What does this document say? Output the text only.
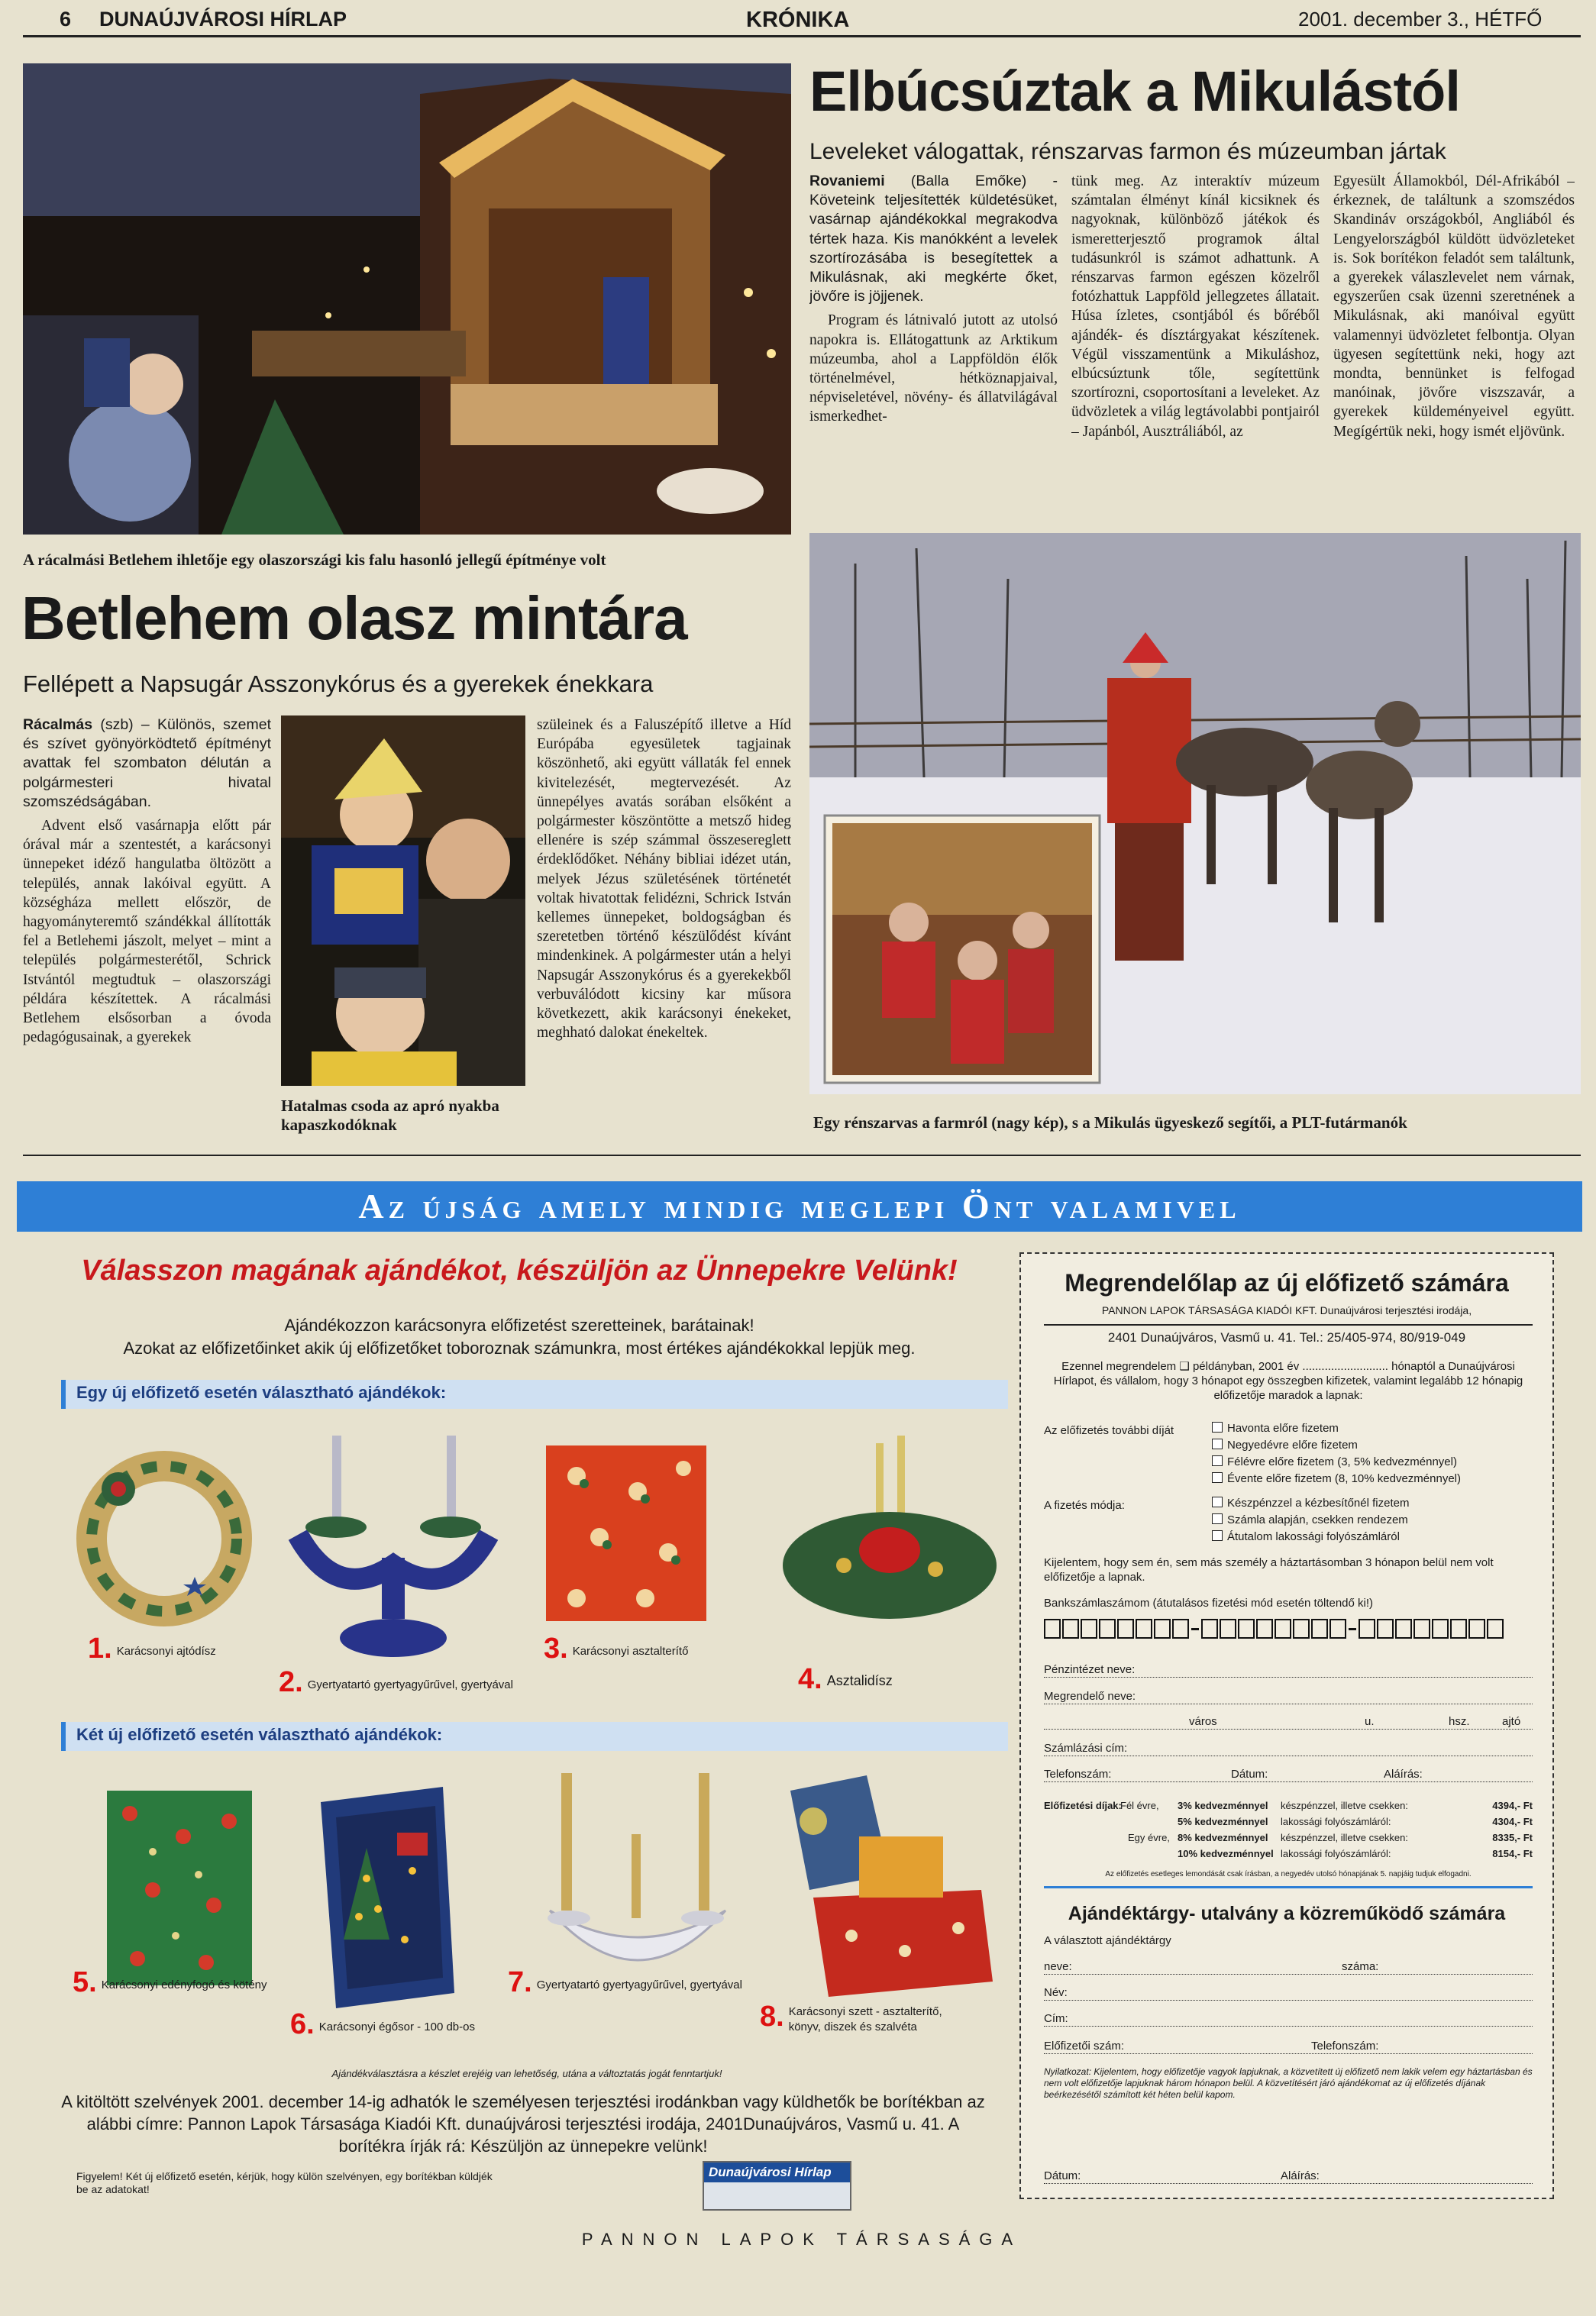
6 DUNAÚJVÁROSI HÍRLAP	KRÓNIKA	2001. december 3., HÉTFŐ
A rácalmási Betlehem ihletője egy olaszországi kis falu hasonló jellegű építménye volt
Betlehem olasz mintára
Fellépett a Napsugár Asszonykórus és a gyerekek énekkara

Rácalmás (szb) – Különös, szemet és szívet gyönyörködtető építményt avattak fel szombaton délután a polgármesteri hivatal szomszédságában.

Advent első vasárnapja előtt pár órával már a szentestét, a karácsonyi ünnepeket idéző hangulatba öltözött a település, annak lakóival együtt. A községháza mellett először, de hagyományteremtő szándékkal állították fel a Betlehemi jászolt, melyet – mint a település polgármesterétől, Schrick Istvántól megtudtuk – olaszországi példára készítettek. A rácalmási Betlehem elsősorban a óvoda pedagógusainak, a gyerekek

Hatalmas csoda az apró nyakba kapaszkodóknak

szüleinek és a Faluszépítő illetve a Híd Európába egyesületek tagjainak köszönhető, aki együtt vállaták fel ennek kivitelezését, megtervezését. Az ünnepélyes avatás sorában elsőként a polgármester köszöntötte a metsző hideg ellenére is szép számmal összesereglett érdeklődőket. Néhány bibliai idézet után, melyek Jézus születésének történetét voltak hivatottak felidézni, Schrick István kellemes ünnepeket, boldogságban és szeretetben történő készülődést kívánt mindenkinek. A polgármester után a helyi Napsugár Asszonykórus és a gyerekekből verbuválódott kicsiny kar műsora következett, akik karácsonyi énekeket, meghható dalokat énekeltek.

Elbúcsúztak a Mikulástól
Leveleket válogattak, rénszarvas farmon és múzeumban jártak

Rovaniemi (Balla Emőke) - Követeink teljesítették küldetésüket, vasárnap ajándékokkal megrakodva tértek haza. Kis manókként a levelek szortírozásába is besegítettek a Mikulásnak, aki megkérte őket, jövőre is jöjjenek.

Program és látnivaló jutott az utolsó napokra is. Ellátogattunk az Arktikum múzeumba, ahol a Lappföldön élők történelmével, hétköznapjaival, népviseletével, növény- és állatvilágával ismerkedhet-

tünk meg. Az interaktív múzeum számtalan élményt kínál kicsiknek és nagyoknak, különböző játékok és ismeretterjesztő programok által tudásunkról is számot adhattunk. A rénszarvas farmon egészen közelről fotózhattuk Lappföld jellegzetes állatait. Húsa ízletes, csontjából és bőréből ajándék- és dísztárgyakat készítenek. Végül visszamentünk a Mikuláshoz, elbúcsúztunk tőle, segítettünk szortírozni, csoportosítani a leveleket. Az üdvözletek a világ legtávolabbi pontjairól – Japánból, Ausztráliából, az

Egyesült Államokból, Dél-Afrikából – érkeznek, de találtunk a szomszédos Skandináv országokból, Angliából és Lengyelországból küldött üdvözleteket is. Sok borítékon feladót sem találtunk, a gyerekek válaszlevelet nem várnak, egyszerűen csak üzenni szeretnének a Mikulásnak, aki manóival együtt valamennyi üdvözletet felbontja. Olyan ügyesen segítettünk neki, hogy azt mondta, bennünket is felfogad manóinak, jövőre viszszavár, a gyerekek küldeményeivel együtt. Megígértük neki, hogy ismét eljövünk.

Egy rénszarvas a farmról (nagy kép), s a Mikulás ügyeskező segítői, a PLT-futármanók
Az újság amely mindig meglepi Önt valamivel
Válasszon magának ajándékot, készüljön az Ünnepekre Velünk!
Ajándékozzon karácsonyra előfizetést szeretteinek, barátainak!
Azokat az előfizetőinket akik új előfizetőket toboroznak számunkra, most értékes ajándékokkal lepjük meg.
Egy új előfizető esetén választható ajándékok:
1. Karácsonyi ajtódísz
2. Gyertyatartó gyertyagyűrűvel, gyertyával
3. Karácsonyi asztalterítő
4. Asztalidísz
Két új előfizető esetén választható ajándékok:
5. Karácsonyi edényfogó és kötény
6. Karácsonyi égősor - 100 db-os
7. Gyertyatartó gyertyagyűrűvel, gyertyával
8. Karácsonyi szett - asztalterítő, könyv, diszek és szalvéta
Ajándékválasztásra a készlet erejéig van lehetőség, utána a változtatás jogát fenntartjuk!
A kitöltött szelvények 2001. december 14-ig adhatók le személyesen terjesztési irodánkban vagy küldhetők be borítékban az alábbi címre: Pannon Lapok Társasága Kiadói Kft. dunaújvárosi terjesztési irodája, 2401Dunaújváros, Vasmű u. 41. A borítékra írják rá: Készüljön az ünnepekre velünk!
Figyelem! Két új előfizető esetén, kérjük, hogy külön szelvényen, egy borítékban küldjék be az adatokat!
Dunaújvárosi Hírlap
PANNON LAPOK TÁRSASÁGA
Megrendelőlap az új előfizető számára
PANNON LAPOK TÁRSASÁGA KIADÓI KFT. Dunaújvárosi terjesztési irodája,
2401 Dunaújváros, Vasmű u. 41. Tel.: 25/405-974, 80/919-049
Ezennel megrendelem ❑ példányban, 2001 év ........................... hónaptól a Dunaújvárosi Hírlapot, és vállalom, hogy 3 hónapot egy összegben kifizetek, valamint legalább 12 hónapig előfizetője maradok a lapnak:
Az előfizetés további díját	Havonta előre fizetem
Negyedévre előre fizetem
Félévre előre fizetem (3, 5% kedvezménnyel)
Évente előre fizetem (8, 10% kedvezménnyel)
A fizetés módja:	Készpénzzel a kézbesítőnél fizetem
Számla alapján, csekken rendezem
Átutalom lakossági folyószámláról
Kijelentem, hogy sem én, sem más személy a háztartásomban 3 hónapon belül nem volt előfizetője a lapnak.
Bankszámlaszámom (átutalásos fizetési mód esetén töltendő ki!)
Pénzintézet neve:
Megrendelő neve:
város	u.	hsz.	ajtó
Számlázási cím:
Telefonszám:	Dátum:	Aláírás:
Előfizetési díjak:
Fél évre, 3% kedvezménnyel készpénzzel, illetve csekken:	4394,- Ft
5% kedvezménnyel lakossági folyószámláról:	4304,- Ft
Egy évre, 8% kedvezménnyel készpénzzel, illetve csekken:	8335,- Ft
10% kedvezménnyel lakossági folyószámláról:	8154,- Ft
Az előfizetés esetleges lemondását csak írásban, a negyedév utolsó hónapjának 5. napjáig tudjuk elfogadni.
Ajándéktárgy- utalvány a közreműködő számára
A választott ajándéktárgy
neve:	száma:
Név:
Cím:
Előfizetői szám:	Telefonszám:
Nyilatkozat: Kijelentem, hogy előfizetője vagyok lapjuknak, a közvetített új előfizető nem lakik velem egy háztartásban és nem volt előfizetője lapjuknak három hónapon belül. A közvetítésért járó ajándékomat az új előfizetés díjának beérkezésétől számított két héten belül kapom.
Dátum:	Aláírás:
